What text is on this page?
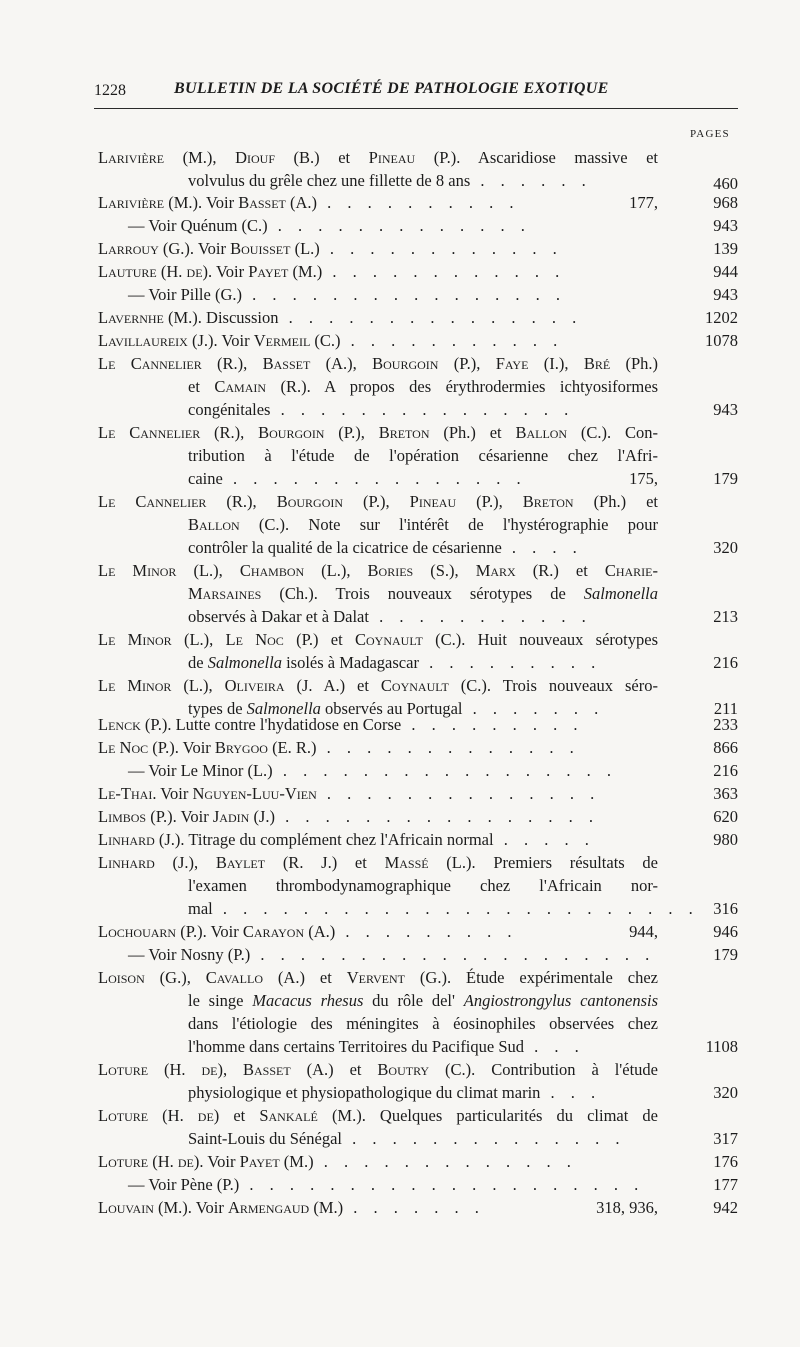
1228	BULLETIN DE LA SOCIÉTÉ DE PATHOLOGIE EXOTIQUE
PAGES
Larivière (M.), Diouf (B.) et Pineau (P.). Ascaridiose massive et
volvulus du grêle chez une fillette de 8 ans . . . . . .	460
Larivière (M.). Voir Basset (A.) . . . . . . . . . .	177,	968
— Voir Quénum (C.) . . . . . . . . . . . . .	943
Larrouy (G.). Voir Bouisset (L.) . . . . . . . . . . . .	139
Lauture (H. de). Voir Payet (M.) . . . . . . . . . . . .	944
— Voir Pille (G.) . . . . . . . . . . . . . . . .	943
Lavernhe (M.). Discussion . . . . . . . . . . . . . . .	1202
Lavillaureix (J.). Voir Vermeil (C.) . . . . . . . . . . .	1078
Le Cannelier (R.), Basset (A.), Bourgoin (P.), Faye (I.), Bré (Ph.)
et Camain (R.). A propos des érythrodermies ichtyosiformes
congénitales . . . . . . . . . . . . . . .	943
Le Cannelier (R.), Bourgoin (P.), Breton (Ph.) et Ballon (C.). Con-
tribution à l'étude de l'opération césarienne chez l'Afri-
caine . . . . . . . . . . . . . . .	175,	179
Le Cannelier (R.), Bourgoin (P.), Pineau (P.), Breton (Ph.) et
Ballon (C.). Note sur l'intérêt de l'hystérographie pour
contrôler la qualité de la cicatrice de césarienne . . . .	320
Le Minor (L.), Chambon (L.), Bories (S.), Marx (R.) et Charie-
Marsaines (Ch.). Trois nouveaux sérotypes de Salmonella
observés à Dakar et à Dalat . . . . . . . . . . .	213
Le Minor (L.), Le Noc (P.) et Coynault (C.). Huit nouveaux sérotypes
de Salmonella isolés à Madagascar . . . . . . . . .	216
Le Minor (L.), Oliveira (J. A.) et Coynault (C.). Trois nouveaux séro-
types de Salmonella observés au Portugal . . . . . . .	211
Lenck (P.). Lutte contre l'hydatidose en Corse . . . . . . . . .	233
Le Noc (P.). Voir Brygoo (E. R.) . . . . . . . . . . . . .	866
— Voir Le Minor (L.) . . . . . . . . . . . . . . . . .	216
Le-Thai. Voir Nguyen-Luu-Vien . . . . . . . . . . . . . .	363
Limbos (P.). Voir Jadin (J.) . . . . . . . . . . . . . . . .	620
Linhard (J.). Titrage du complément chez l'Africain normal . . . . .	980
Linhard (J.), Baylet (R. J.) et Massé (L.). Premiers résultats de
l'examen thrombodynamographique chez l'Africain nor-
mal . . . . . . . . . . . . . . . . . . . . . . . . 316
Lochouarn (P.). Voir Carayon (A.) . . . . . . . . .	944,	946
— Voir Nosny (P.) . . . . . . . . . . . . . . . . . . . .	179
Loison (G.), Cavallo (A.) et Vervent (G.). Étude expérimentale chez
le singe Macacus rhesus du rôle del' Angiostrongylus cantonensis
dans l'étiologie des méningites à éosinophiles observées chez
l'homme dans certains Territoires du Pacifique Sud . . .	1108
Loture (H. de), Basset (A.) et Boutry (C.). Contribution à l'étude
physiologique et physiopathologique du climat marin . . .	320
Loture (H. de) et Sankalé (M.). Quelques particularités du climat de
Saint-Louis du Sénégal . . . . . . . . . . . . . .	317
Loture (H. de). Voir Payet (M.) . . . . . . . . . . . . .	176
— Voir Pène (P.) . . . . . . . . . . . . . . . . . . . .	177
Louvain (M.). Voir Armengaud (M.) . . . . . . .	318, 936,	942
